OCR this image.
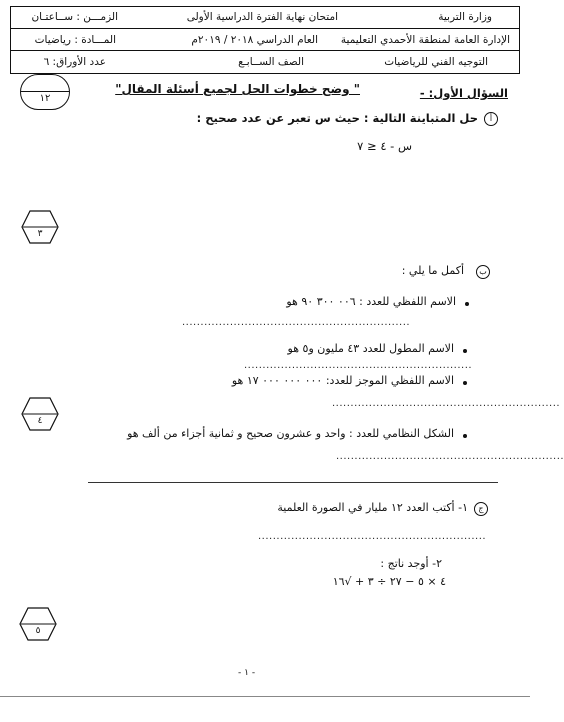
وزارة التربية
امتحان نهاية الفترة الدراسية الأولى
الزمـــن : ســاعتـان
الإدارة العامة لمنطقة الأحمدي التعليمية
العام الدراسي ٢٠١٨ / ٢٠١٩م
المـــادة : رياضيات
التوجيه الفني للرياضيات
الصف الســابـع
عدد الأوراق: ٦
١٢	السؤال الأول: -
" وضح خطوات الحل لجميع أسئلة المقال"
أ
حل المتباينة التالية : حيث س تعبر عن عدد صحيح :
س - ٤ ≤ ٧
٣
ب
أكمل ما يلي :
الاسم اللفظي للعدد : ٠٠٦ ٣٠٠ ٩٠ هو
..............................................................
الاسم المطول للعدد ٤٣ مليون و٥ هو
..............................................................
الاسم اللفظي الموجز للعدد: ٠٠٠ ٠٠٠ ٠٠٠ ١٧ هو
..............................................................
٤
الشكل النظامي للعدد : واحد و عشرون صحيح و ثمانية أجزاء من ألف هو
..............................................................
ج
١- أكتب العدد ١٢ مليار في الصورة العلمية
..............................................................
٢- أوجد ناتج :
٤ × ٥ − ٢٧ ÷ ٣ + √١٦
٥
- ١ -
